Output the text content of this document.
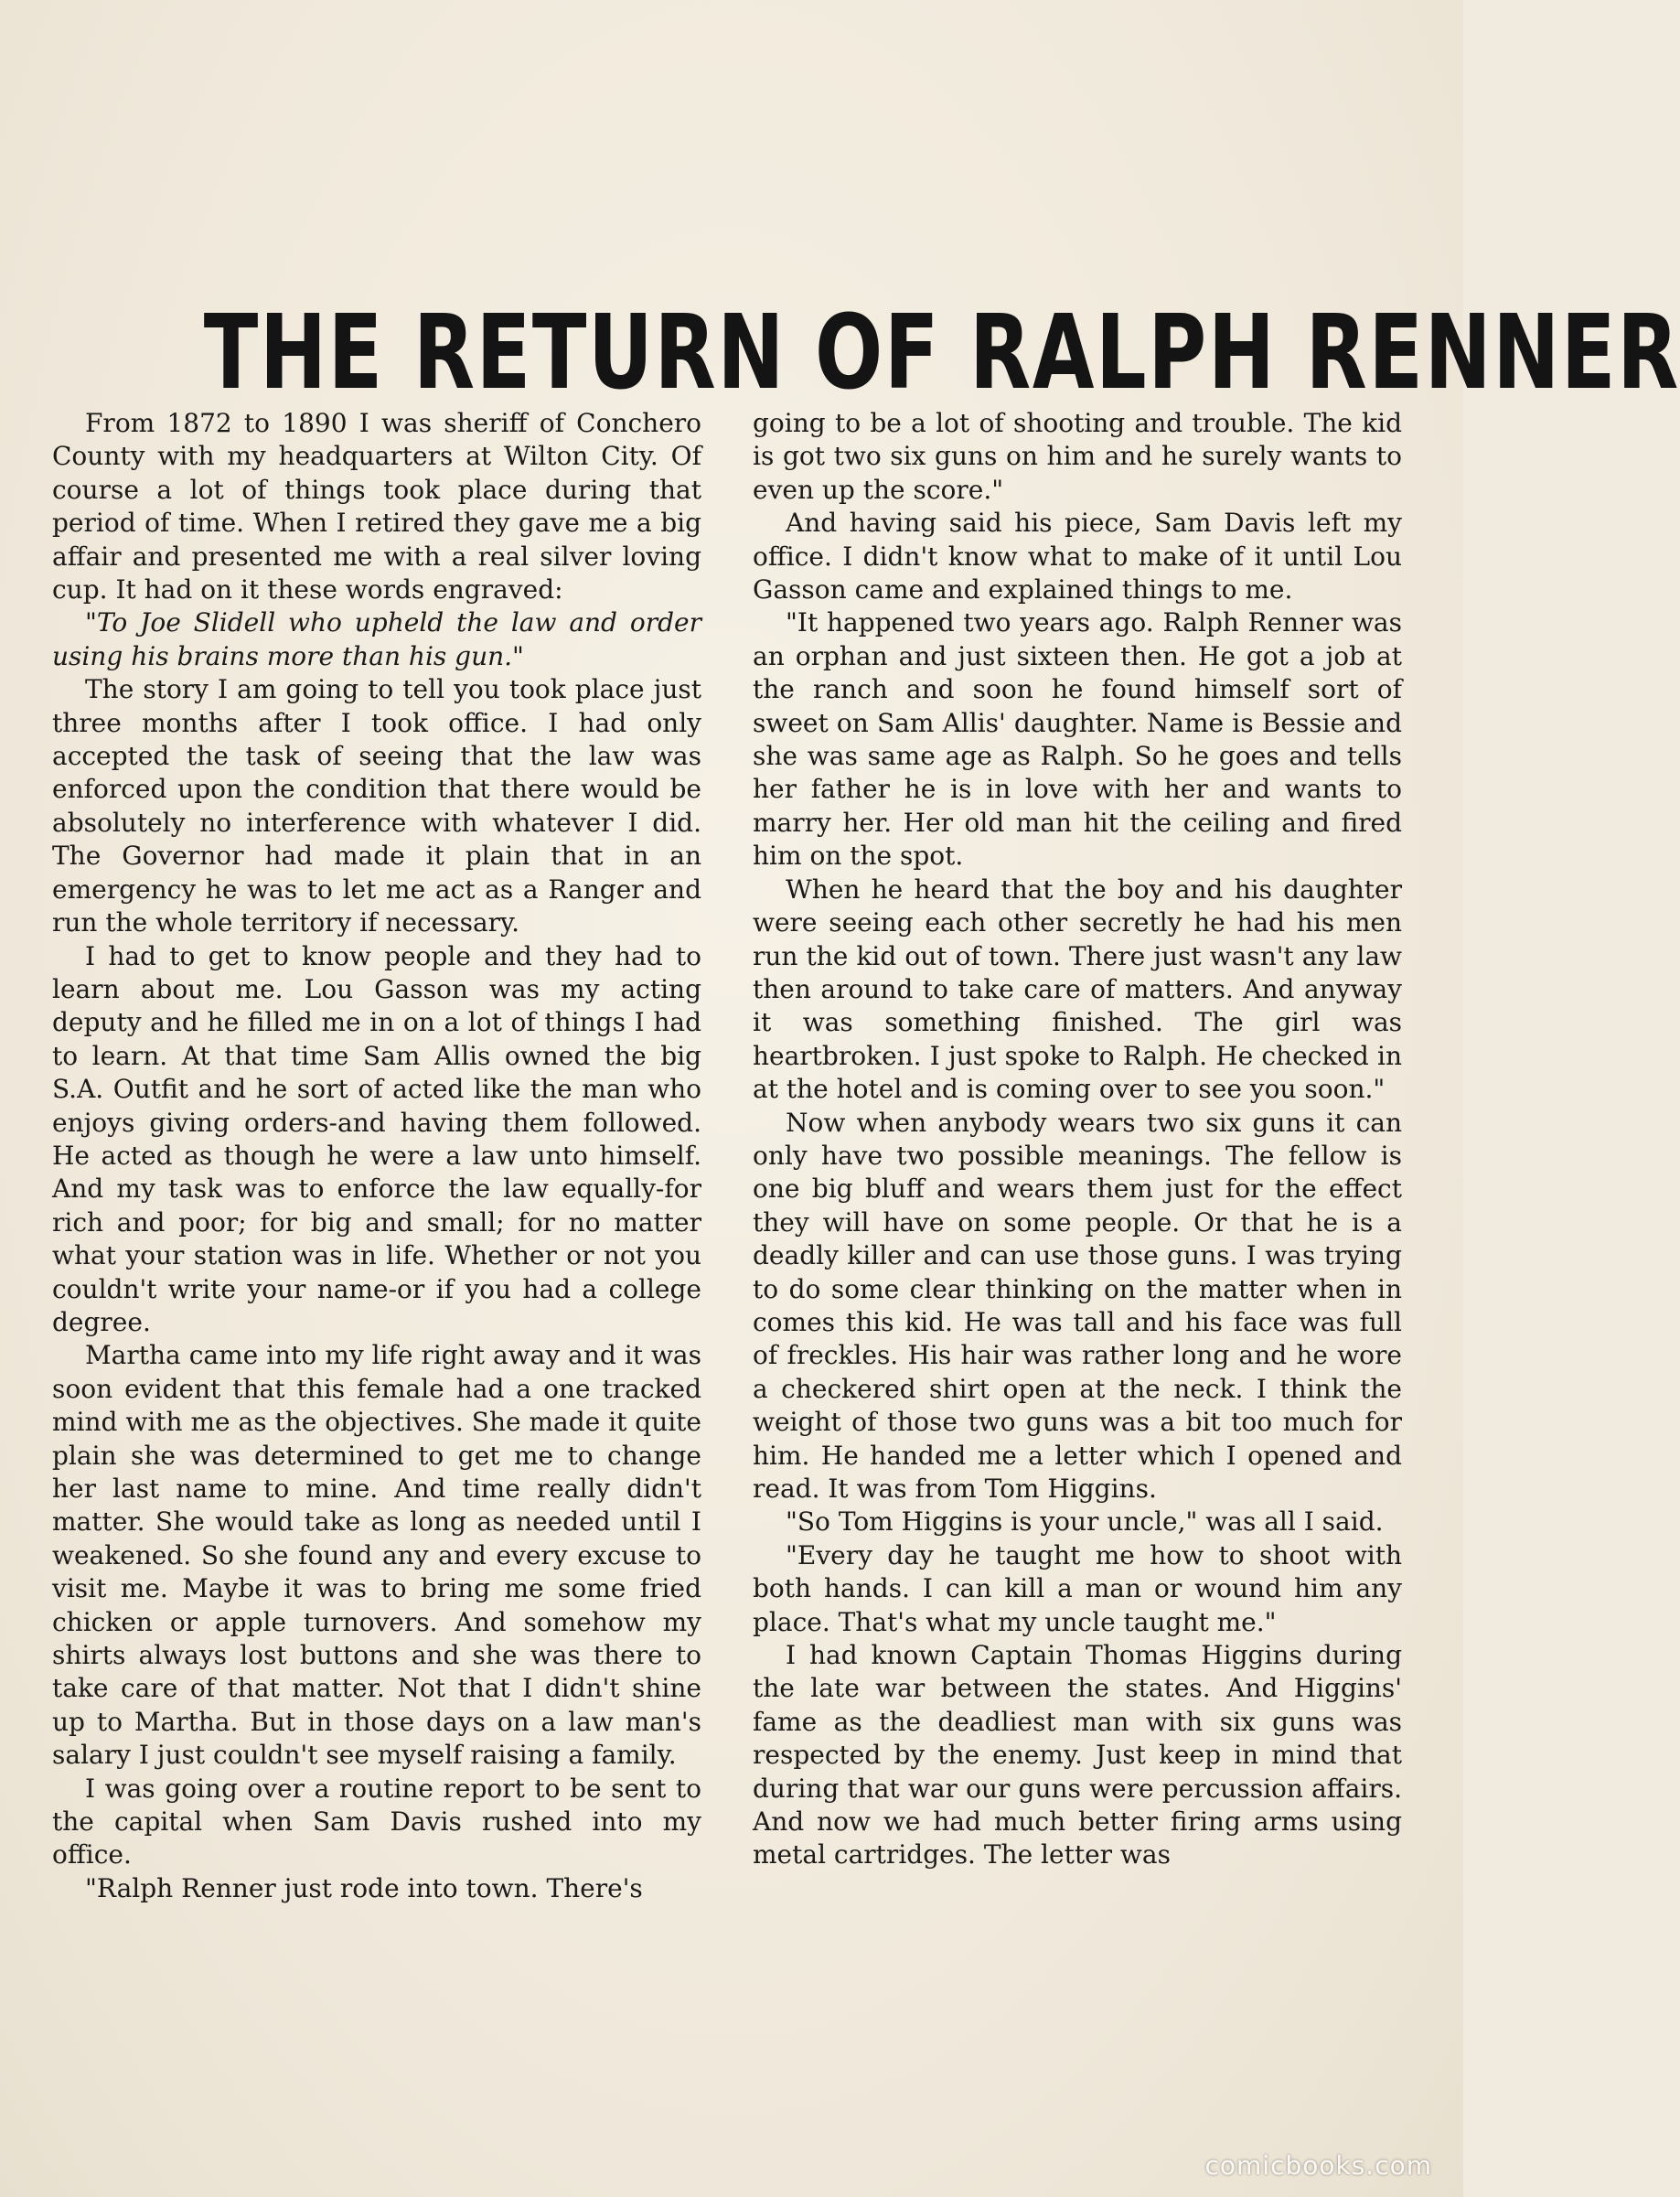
THE RETURN OF RALPH RENNER

From 1872 to 1890 I was sheriff of Conchero County with my headquarters at Wilton City. Of course a lot of things took place during that period of time. When I retired they gave me a big affair and presented me with a real silver loving cup. It had on it these words engraved:

"To Joe Slidell who upheld the law and order using his brains more than his gun."

The story I am going to tell you took place just three months after I took office. I had only accepted the task of seeing that the law was enforced upon the condition that there would be absolutely no interference with whatever I did. The Governor had made it plain that in an emergency he was to let me act as a Ranger and run the whole territory if necessary.

I had to get to know people and they had to learn about me. Lou Gasson was my acting deputy and he filled me in on a lot of things I had to learn. At that time Sam Allis owned the big S.A. Outfit and he sort of acted like the man who enjoys giving orders-and having them followed. He acted as though he were a law unto himself. And my task was to enforce the law equally-for rich and poor; for big and small; for no matter what your station was in life. Whether or not you couldn't write your name-or if you had a college degree.

Martha came into my life right away and it was soon evident that this female had a one tracked mind with me as the objectives. She made it quite plain she was determined to get me to change her last name to mine. And time really didn't matter. She would take as long as needed until I weakened. So she found any and every excuse to visit me. Maybe it was to bring me some fried chicken or apple turnovers. And somehow my shirts always lost buttons and she was there to take care of that matter. Not that I didn't shine up to Martha. But in those days on a law man's salary I just couldn't see myself raising a family.

I was going over a routine report to be sent to the capital when Sam Davis rushed into my office.

"Ralph Renner just rode into town. There's

going to be a lot of shooting and trouble. The kid is got two six guns on him and he surely wants to even up the score."

And having said his piece, Sam Davis left my office. I didn't know what to make of it until Lou Gasson came and explained things to me.

"It happened two years ago. Ralph Renner was an orphan and just sixteen then. He got a job at the ranch and soon he found himself sort of sweet on Sam Allis' daughter. Name is Bessie and she was same age as Ralph. So he goes and tells her father he is in love with her and wants to marry her. Her old man hit the ceiling and fired him on the spot.

When he heard that the boy and his daughter were seeing each other secretly he had his men run the kid out of town. There just wasn't any law then around to take care of matters. And anyway it was something finished. The girl was heartbroken. I just spoke to Ralph. He checked in at the hotel and is coming over to see you soon."

Now when anybody wears two six guns it can only have two possible meanings. The fellow is one big bluff and wears them just for the effect they will have on some people. Or that he is a deadly killer and can use those guns. I was trying to do some clear thinking on the matter when in comes this kid. He was tall and his face was full of freckles. His hair was rather long and he wore a checkered shirt open at the neck. I think the weight of those two guns was a bit too much for him. He handed me a letter which I opened and read. It was from Tom Higgins.

"So Tom Higgins is your uncle," was all I said.

"Every day he taught me how to shoot with both hands. I can kill a man or wound him any place. That's what my uncle taught me."

I had known Captain Thomas Higgins during the late war between the states. And Higgins' fame as the deadliest man with six guns was respected by the enemy. Just keep in mind that during that war our guns were percussion affairs. And now we had much better firing arms using metal cartridges. The letter was

comicbooks.com
